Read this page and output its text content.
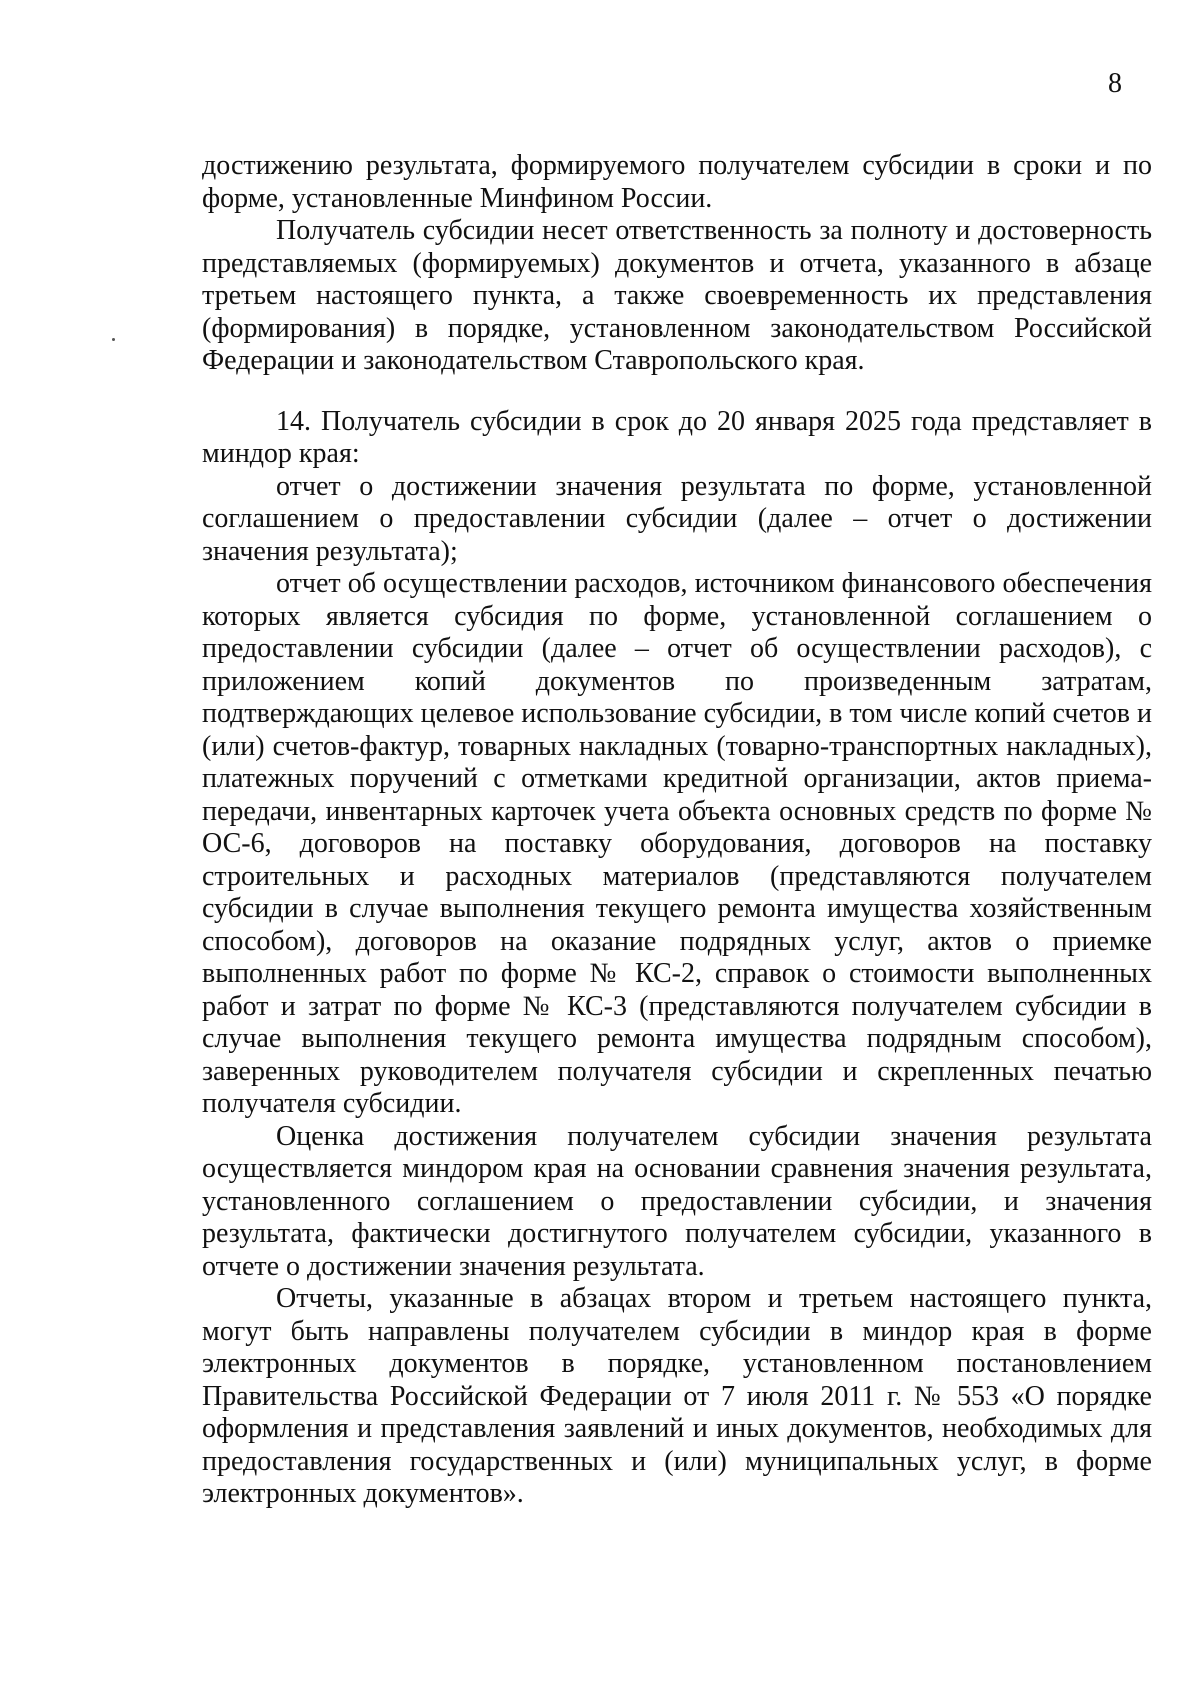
8

достижению результата, формируемого получателем субсидии в сроки и по форме, установленные Минфином России.

Получатель субсидии несет ответственность за полноту и достоверность представляемых (формируемых) документов и отчета, указанного в абзаце третьем настоящего пункта, а также своевременность их представления (формирования) в порядке, установленном законодательством Российской Федерации и законодательством Ставропольского края.

14. Получатель субсидии в срок до 20 января 2025 года представляет в миндор края:

отчет о достижении значения результата по форме, установленной соглашением о предоставлении субсидии (далее – отчет о достижении значения результата);

отчет об осуществлении расходов, источником финансового обеспечения которых является субсидия по форме, установленной соглашением о предоставлении субсидии (далее – отчет об осуществлении расходов), с приложением копий документов по произведенным затратам, подтверждающих целевое использование субсидии, в том числе копий счетов и (или) счетов-фактур, товарных накладных (товарно-транспортных накладных), платежных поручений с отметками кредитной организации, актов приема-передачи, инвентарных карточек учета объекта основных средств по форме № ОС-6, договоров на поставку оборудования, договоров на поставку строительных и расходных материалов (представляются получателем субсидии в случае выполнения текущего ремонта имущества хозяйственным способом), договоров на оказание подрядных услуг, актов о приемке выполненных работ по форме № КС-2, справок о стоимости выполненных работ и затрат по форме № КС-3 (представляются получателем субсидии в случае выполнения текущего ремонта имущества подрядным способом), заверенных руководителем получателя субсидии и скрепленных печатью получателя субсидии.

Оценка достижения получателем субсидии значения результата осуществляется миндором края на основании сравнения значения результата, установленного соглашением о предоставлении субсидии, и значения результата, фактически достигнутого получателем субсидии, указанного в отчете о достижении значения результата.

Отчеты, указанные в абзацах втором и третьем настоящего пункта, могут быть направлены получателем субсидии в миндор края в форме электронных документов в порядке, установленном постановлением Правительства Российской Федерации от 7 июля 2011 г. № 553 «О порядке оформления и представления заявлений и иных документов, необходимых для предоставления государственных и (или) муниципальных услуг, в форме электронных документов».
